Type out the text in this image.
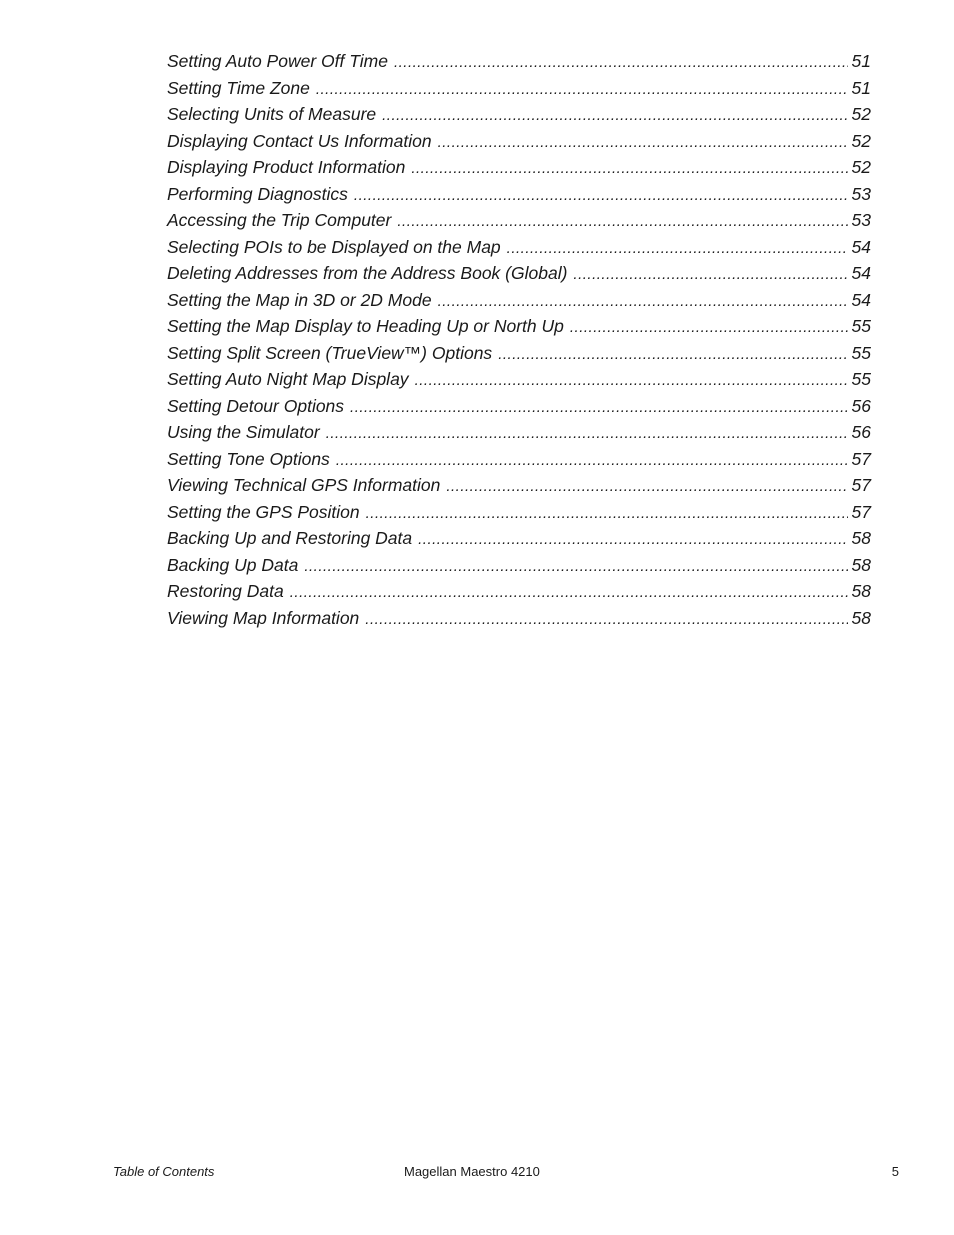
Setting Auto Power Off Time .....	51
Setting Time Zone .....	51
Selecting Units of Measure .....	52
Displaying Contact Us Information .....	52
Displaying Product Information .....	52
Performing Diagnostics .....	53
Accessing the Trip Computer .....	53
Selecting POIs to be Displayed on the Map .....	54
Deleting Addresses from the Address Book (Global) .....	54
Setting the Map in 3D or 2D Mode .....	54
Setting the Map Display to Heading Up or North Up .....	55
Setting Split Screen (TrueView™) Options .....	55
Setting Auto Night Map Display .....	55
Setting Detour Options .....	56
Using the Simulator .....	56
Setting Tone Options .....	57
Viewing Technical GPS Information .....	57
Setting the GPS Position .....	57
Backing Up and Restoring Data .....	58
Backing Up Data .....	58
Restoring Data .....	58
Viewing Map Information .....	58
Table of Contents	Magellan Maestro 4210	5
